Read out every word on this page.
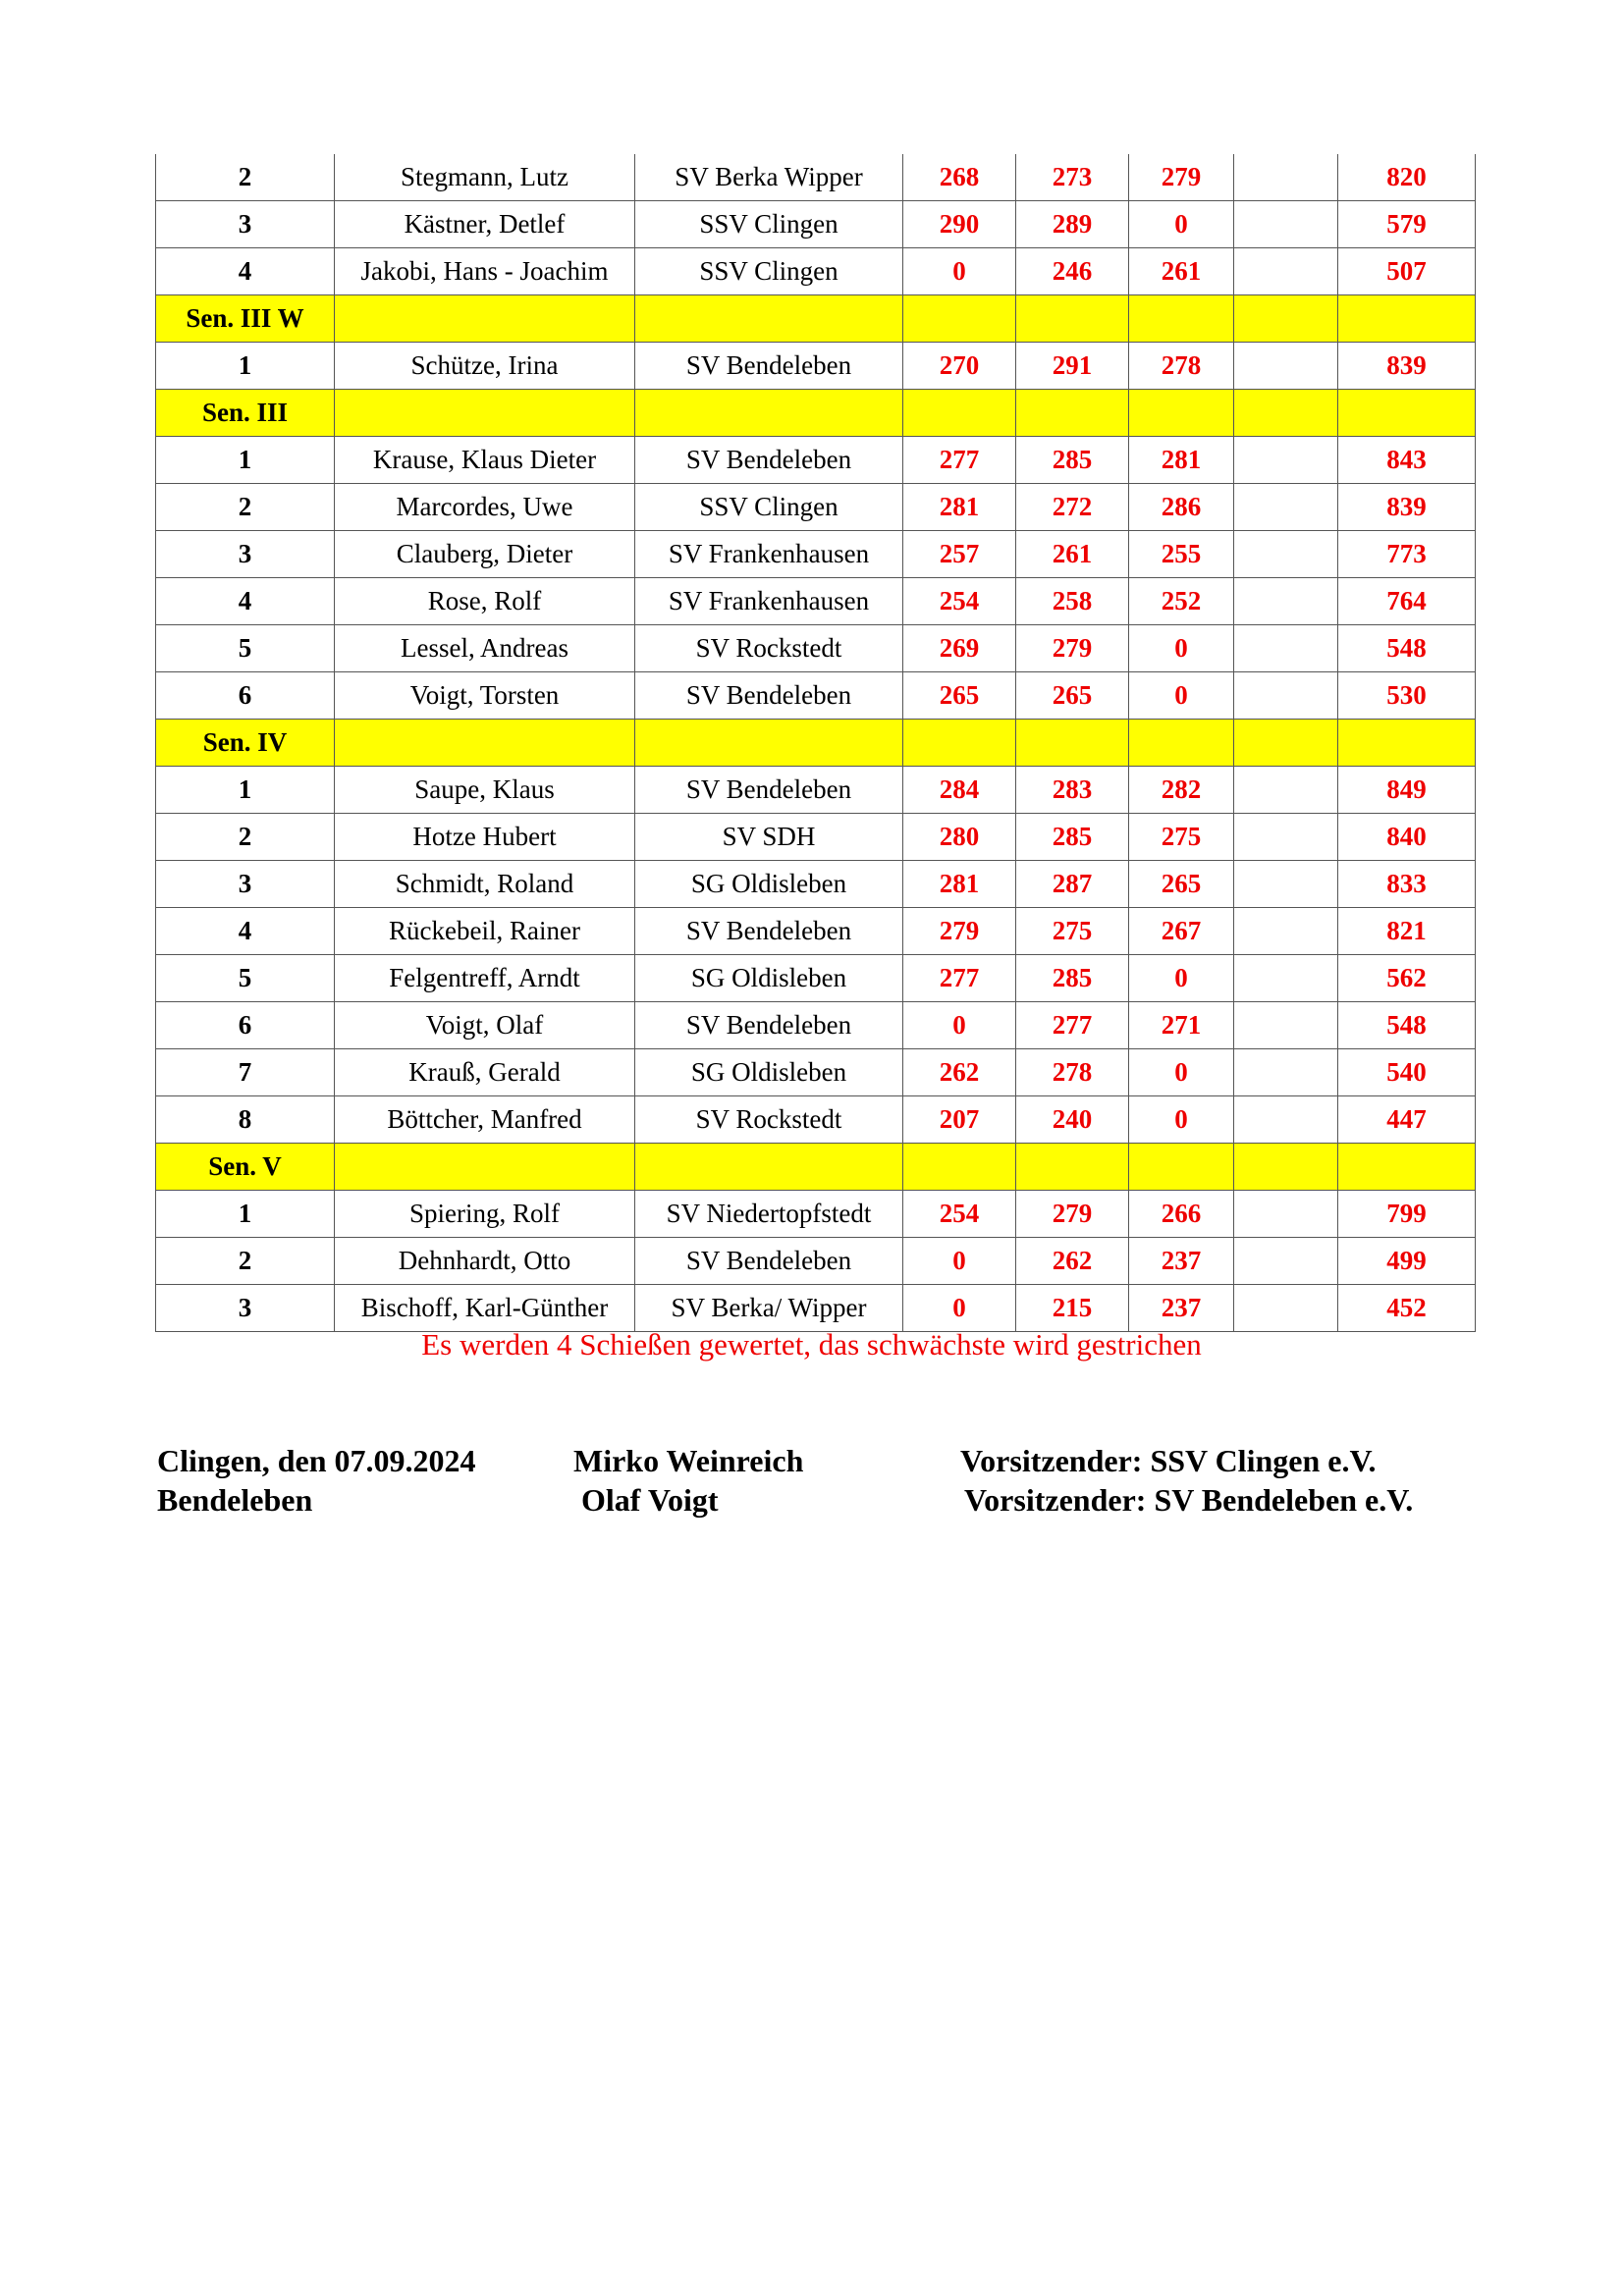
2	Stegmann, Lutz	SV Berka Wipper	268	273	279		820
3	Kästner, Detlef	SSV Clingen	290	289	0		579
4	Jakobi, Hans - Joachim	SSV Clingen	0	246	261		507
Sen. III W							
1	Schütze, Irina	SV Bendeleben	270	291	278		839
Sen. III							
1	Krause, Klaus Dieter	SV Bendeleben	277	285	281		843
2	Marcordes, Uwe	SSV Clingen	281	272	286		839
3	Clauberg, Dieter	SV Frankenhausen	257	261	255		773
4	Rose, Rolf	SV Frankenhausen	254	258	252		764
5	Lessel, Andreas	SV Rockstedt	269	279	0		548
6	Voigt, Torsten	SV Bendeleben	265	265	0		530
Sen. IV							
1	Saupe, Klaus	SV Bendeleben	284	283	282		849
2	Hotze Hubert	SV SDH	280	285	275		840
3	Schmidt, Roland	SG Oldisleben	281	287	265		833
4	Rückebeil, Rainer	SV Bendeleben	279	275	267		821
5	Felgentreff, Arndt	SG Oldisleben	277	285	0		562
6	Voigt, Olaf	SV Bendeleben	0	277	271		548
7	Krauß, Gerald	SG Oldisleben	262	278	0		540
8	Böttcher, Manfred	SV Rockstedt	207	240	0		447
Sen. V							
1	Spiering, Rolf	SV Niedertopfstedt	254	279	266		799
2	Dehnhardt, Otto	SV Bendeleben	0	262	237		499
3	Bischoff, Karl-Günther	SV Berka/ Wipper	0	215	237		452
Es werden 4 Schießen gewertet, das schwächste wird gestrichen
Clingen, den 07.09.2024	Mirko Weinreich	Vorsitzender: SSV Clingen e.V.
Bendeleben	Olaf Voigt	Vorsitzender: SV Bendeleben e.V.
